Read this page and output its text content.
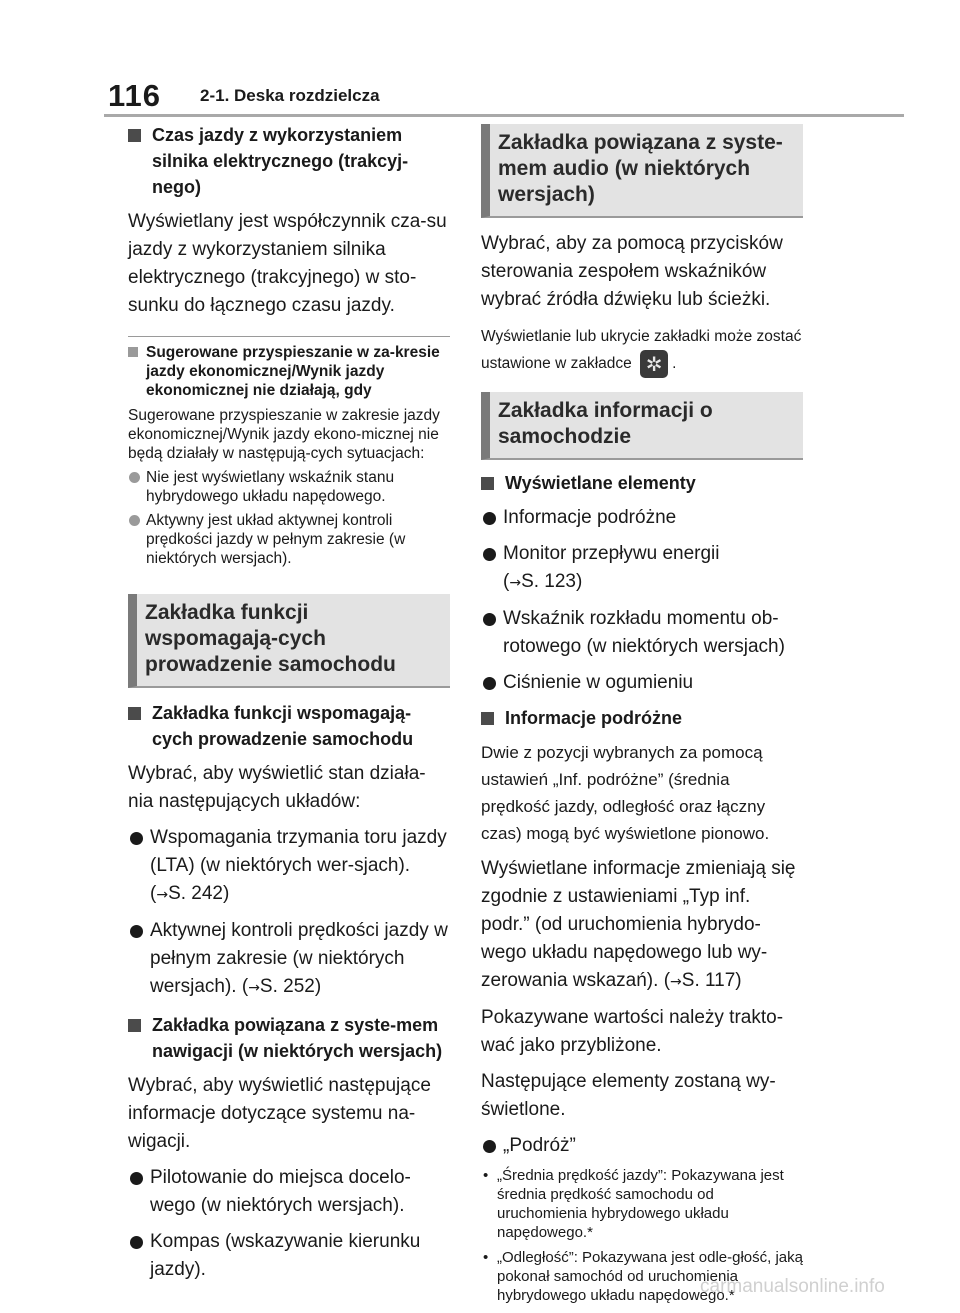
116 2-1. Deska rozdzielcza
Czas jazdy z wykorzystaniem silnika elektrycznego (trakcyj-nego)
Wyświetlany jest współczynnik cza-su jazdy z wykorzystaniem silnika elektrycznego (trakcyjnego) w sto-sunku do łącznego czasu jazdy.
Sugerowane przyspieszanie w za-kresie jazdy ekonomicznej/Wynik jazdy ekonomicznej nie działają, gdy
Sugerowane przyspieszanie w zakresie jazdy ekonomicznej/Wynik jazdy ekono-micznej nie będą działały w następują-cych sytuacjach:
Nie jest wyświetlany wskaźnik stanu hybrydowego układu napędowego.
Aktywny jest układ aktywnej kontroli prędkości jazdy w pełnym zakresie (w niektórych wersjach).
Zakładka funkcji wspomagają-cych prowadzenie samochodu
Zakładka funkcji wspomagają-cych prowadzenie samochodu
Wybrać, aby wyświetlić stan działa-nia następujących układów:
Wspomagania trzymania toru jazdy (LTA) (w niektórych wer-sjach). (→S. 242)
Aktywnej kontroli prędkości jazdy w pełnym zakresie (w niektórych wersjach). (→S. 252)
Zakładka powiązana z syste-mem nawigacji (w niektórych wersjach)
Wybrać, aby wyświetlić następujące informacje dotyczące systemu na-wigacji.
Pilotowanie do miejsca docelo-wego (w niektórych wersjach).
Kompas (wskazywanie kierunku jazdy).
Zakładka powiązana z syste-mem audio (w niektórych wersjach)
Wybrać, aby za pomocą przycisków sterowania zespołem wskaźników wybrać źródła dźwięku lub ścieżki.
Wyświetlanie lub ukrycie zakładki może zostać ustawione w zakładce ✲	.
Zakładka informacji o samochodzie
Wyświetlane elementy
Informacje podróżne
Monitor przepływu energii
(→S. 123)
Wskaźnik rozkładu momentu ob-rotowego (w niektórych wersjach)
Ciśnienie w ogumieniu
Informacje podróżne
Dwie z pozycji wybranych za pomocą ustawień „Inf. podróżne” (średnia prędkość jazdy, odległość oraz łączny czas) mogą być wyświetlone pionowo.
Wyświetlane informacje zmieniają się zgodnie z ustawieniami „Typ inf. podr.” (od uruchomienia hybrydo-wego układu napędowego lub wy-zerowania wskazań). (→S. 117)
Pokazywane wartości należy trakto-wać jako przybliżone.
Następujące elementy zostaną wy-świetlone.
„Podróż”
• „Średnia prędkość jazdy”: Pokazywana jest średnia prędkość samochodu od uruchomienia hybrydowego układu napędowego.*
• „Odległość”: Pokazywana jest odle-głość, jaką pokonał samochód od uruchomienia hybrydowego układu napędowego.*
carmanualsonline.info
